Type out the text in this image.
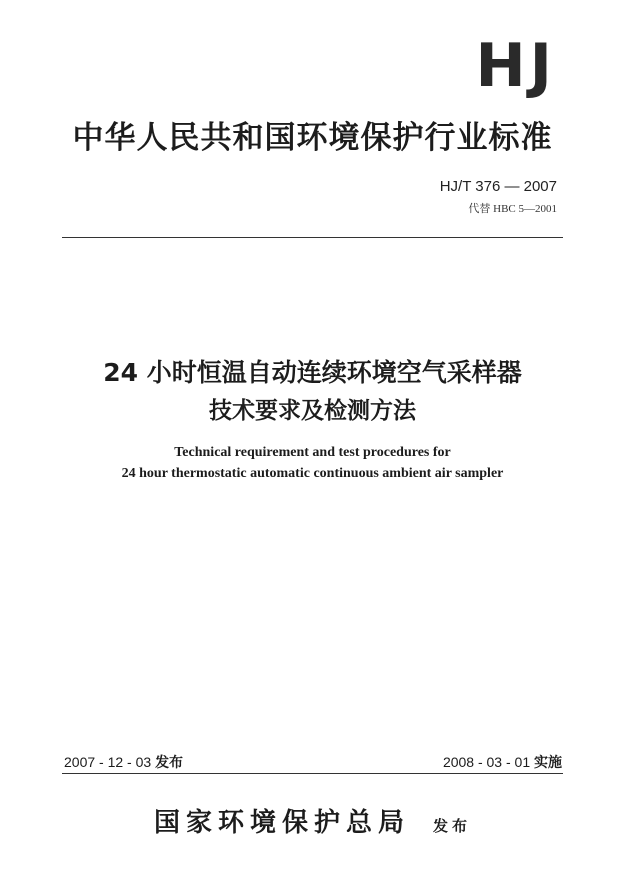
HJ
中华人民共和国环境保护行业标准
HJ/T 376 — 2007
代替 HBC 5—2001
24 小时恒温自动连续环境空气采样器
技术要求及检测方法
Technical requirement and test procedures for
24 hour thermostatic automatic continuous ambient air sampler
2007 - 12 - 03 发布	2008 - 03 - 01 实施
国家环境保护总局 发布
